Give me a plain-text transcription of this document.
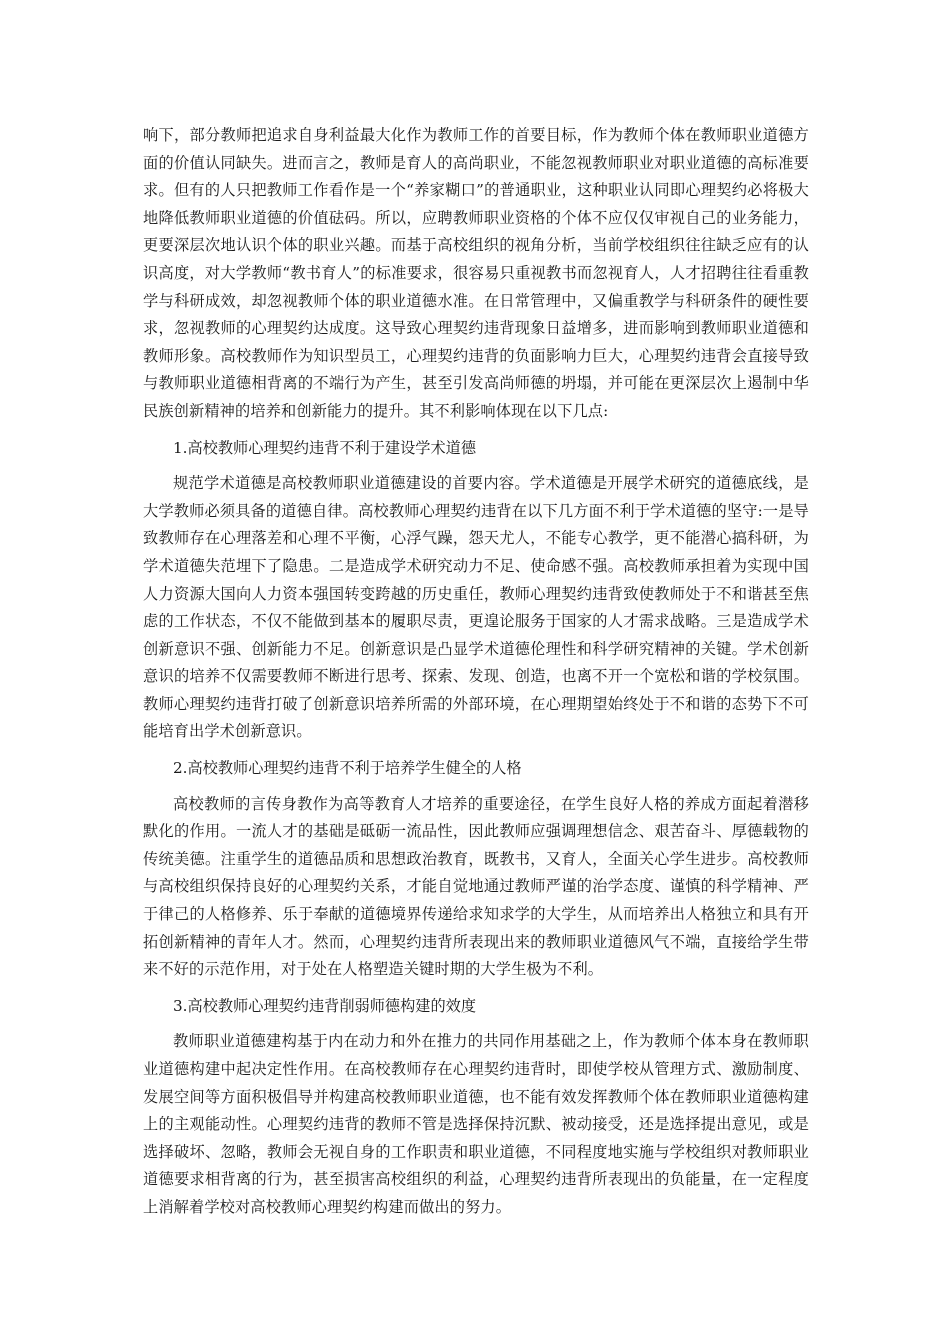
响下，部分教师把追求自身利益最大化作为教师工作的首要目标，作为教师个体在教师职业道德方面的价值认同缺失。进而言之，教师是育人的高尚职业，不能忽视教师职业对职业道德的高标准要求。但有的人只把教师工作看作是一个“养家糊口”的普通职业，这种职业认同即心理契约必将极大地降低教师职业道德的价值砝码。所以，应聘教师职业资格的个体不应仅仅审视自己的业务能力，更要深层次地认识个体的职业兴趣。而基于高校组织的视角分析，当前学校组织往往缺乏应有的认识高度，对大学教师“教书育人”的标准要求，很容易只重视教书而忽视育人，人才招聘往往看重教学与科研成效，却忽视教师个体的职业道德水准。在日常管理中，又偏重教学与科研条件的硬性要求，忽视教师的心理契约达成度。这导致心理契约违背现象日益增多，进而影响到教师职业道德和教师形象。高校教师作为知识型员工，心理契约违背的负面影响力巨大，心理契约违背会直接导致与教师职业道德相背离的不端行为产生，甚至引发高尚师德的坍塌，并可能在更深层次上遏制中华民族创新精神的培养和创新能力的提升。其不利影响体现在以下几点:

1.高校教师心理契约违背不利于建设学术道德

规范学术道德是高校教师职业道德建设的首要内容。学术道德是开展学术研究的道德底线，是大学教师必须具备的道德自律。高校教师心理契约违背在以下几方面不利于学术道德的坚守:一是导致教师存在心理落差和心理不平衡，心浮气躁，怨天尤人，不能专心教学，更不能潜心搞科研，为学术道德失范埋下了隐患。二是造成学术研究动力不足、使命感不强。高校教师承担着为实现中国人力资源大国向人力资本强国转变跨越的历史重任，教师心理契约违背致使教师处于不和谐甚至焦虑的工作状态，不仅不能做到基本的履职尽责，更遑论服务于国家的人才需求战略。三是造成学术创新意识不强、创新能力不足。创新意识是凸显学术道德伦理性和科学研究精神的关键。学术创新意识的培养不仅需要教师不断进行思考、探索、发现、创造，也离不开一个宽松和谐的学校氛围。教师心理契约违背打破了创新意识培养所需的外部环境，在心理期望始终处于不和谐的态势下不可能培育出学术创新意识。

2.高校教师心理契约违背不利于培养学生健全的人格

高校教师的言传身教作为高等教育人才培养的重要途径，在学生良好人格的养成方面起着潜移默化的作用。一流人才的基础是砥砺一流品性，因此教师应强调理想信念、艰苦奋斗、厚德载物的传统美德。注重学生的道德品质和思想政治教育，既教书，又育人，全面关心学生进步。高校教师与高校组织保持良好的心理契约关系，才能自觉地通过教师严谨的治学态度、谨慎的科学精神、严于律己的人格修养、乐于奉献的道德境界传递给求知求学的大学生，从而培养出人格独立和具有开拓创新精神的青年人才。然而，心理契约违背所表现出来的教师职业道德风气不端，直接给学生带来不好的示范作用，对于处在人格塑造关键时期的大学生极为不利。

3.高校教师心理契约违背削弱师德构建的效度

教师职业道德建构基于内在动力和外在推力的共同作用基础之上，作为教师个体本身在教师职业道德构建中起决定性作用。在高校教师存在心理契约违背时，即使学校从管理方式、激励制度、发展空间等方面积极倡导并构建高校教师职业道德，也不能有效发挥教师个体在教师职业道德构建上的主观能动性。心理契约违背的教师不管是选择保持沉默、被动接受，还是选择提出意见，或是选择破坏、忽略，教师会无视自身的工作职责和职业道德，不同程度地实施与学校组织对教师职业道德要求相背离的行为，甚至损害高校组织的利益，心理契约违背所表现出的负能量，在一定程度上消解着学校对高校教师心理契约构建而做出的努力。
